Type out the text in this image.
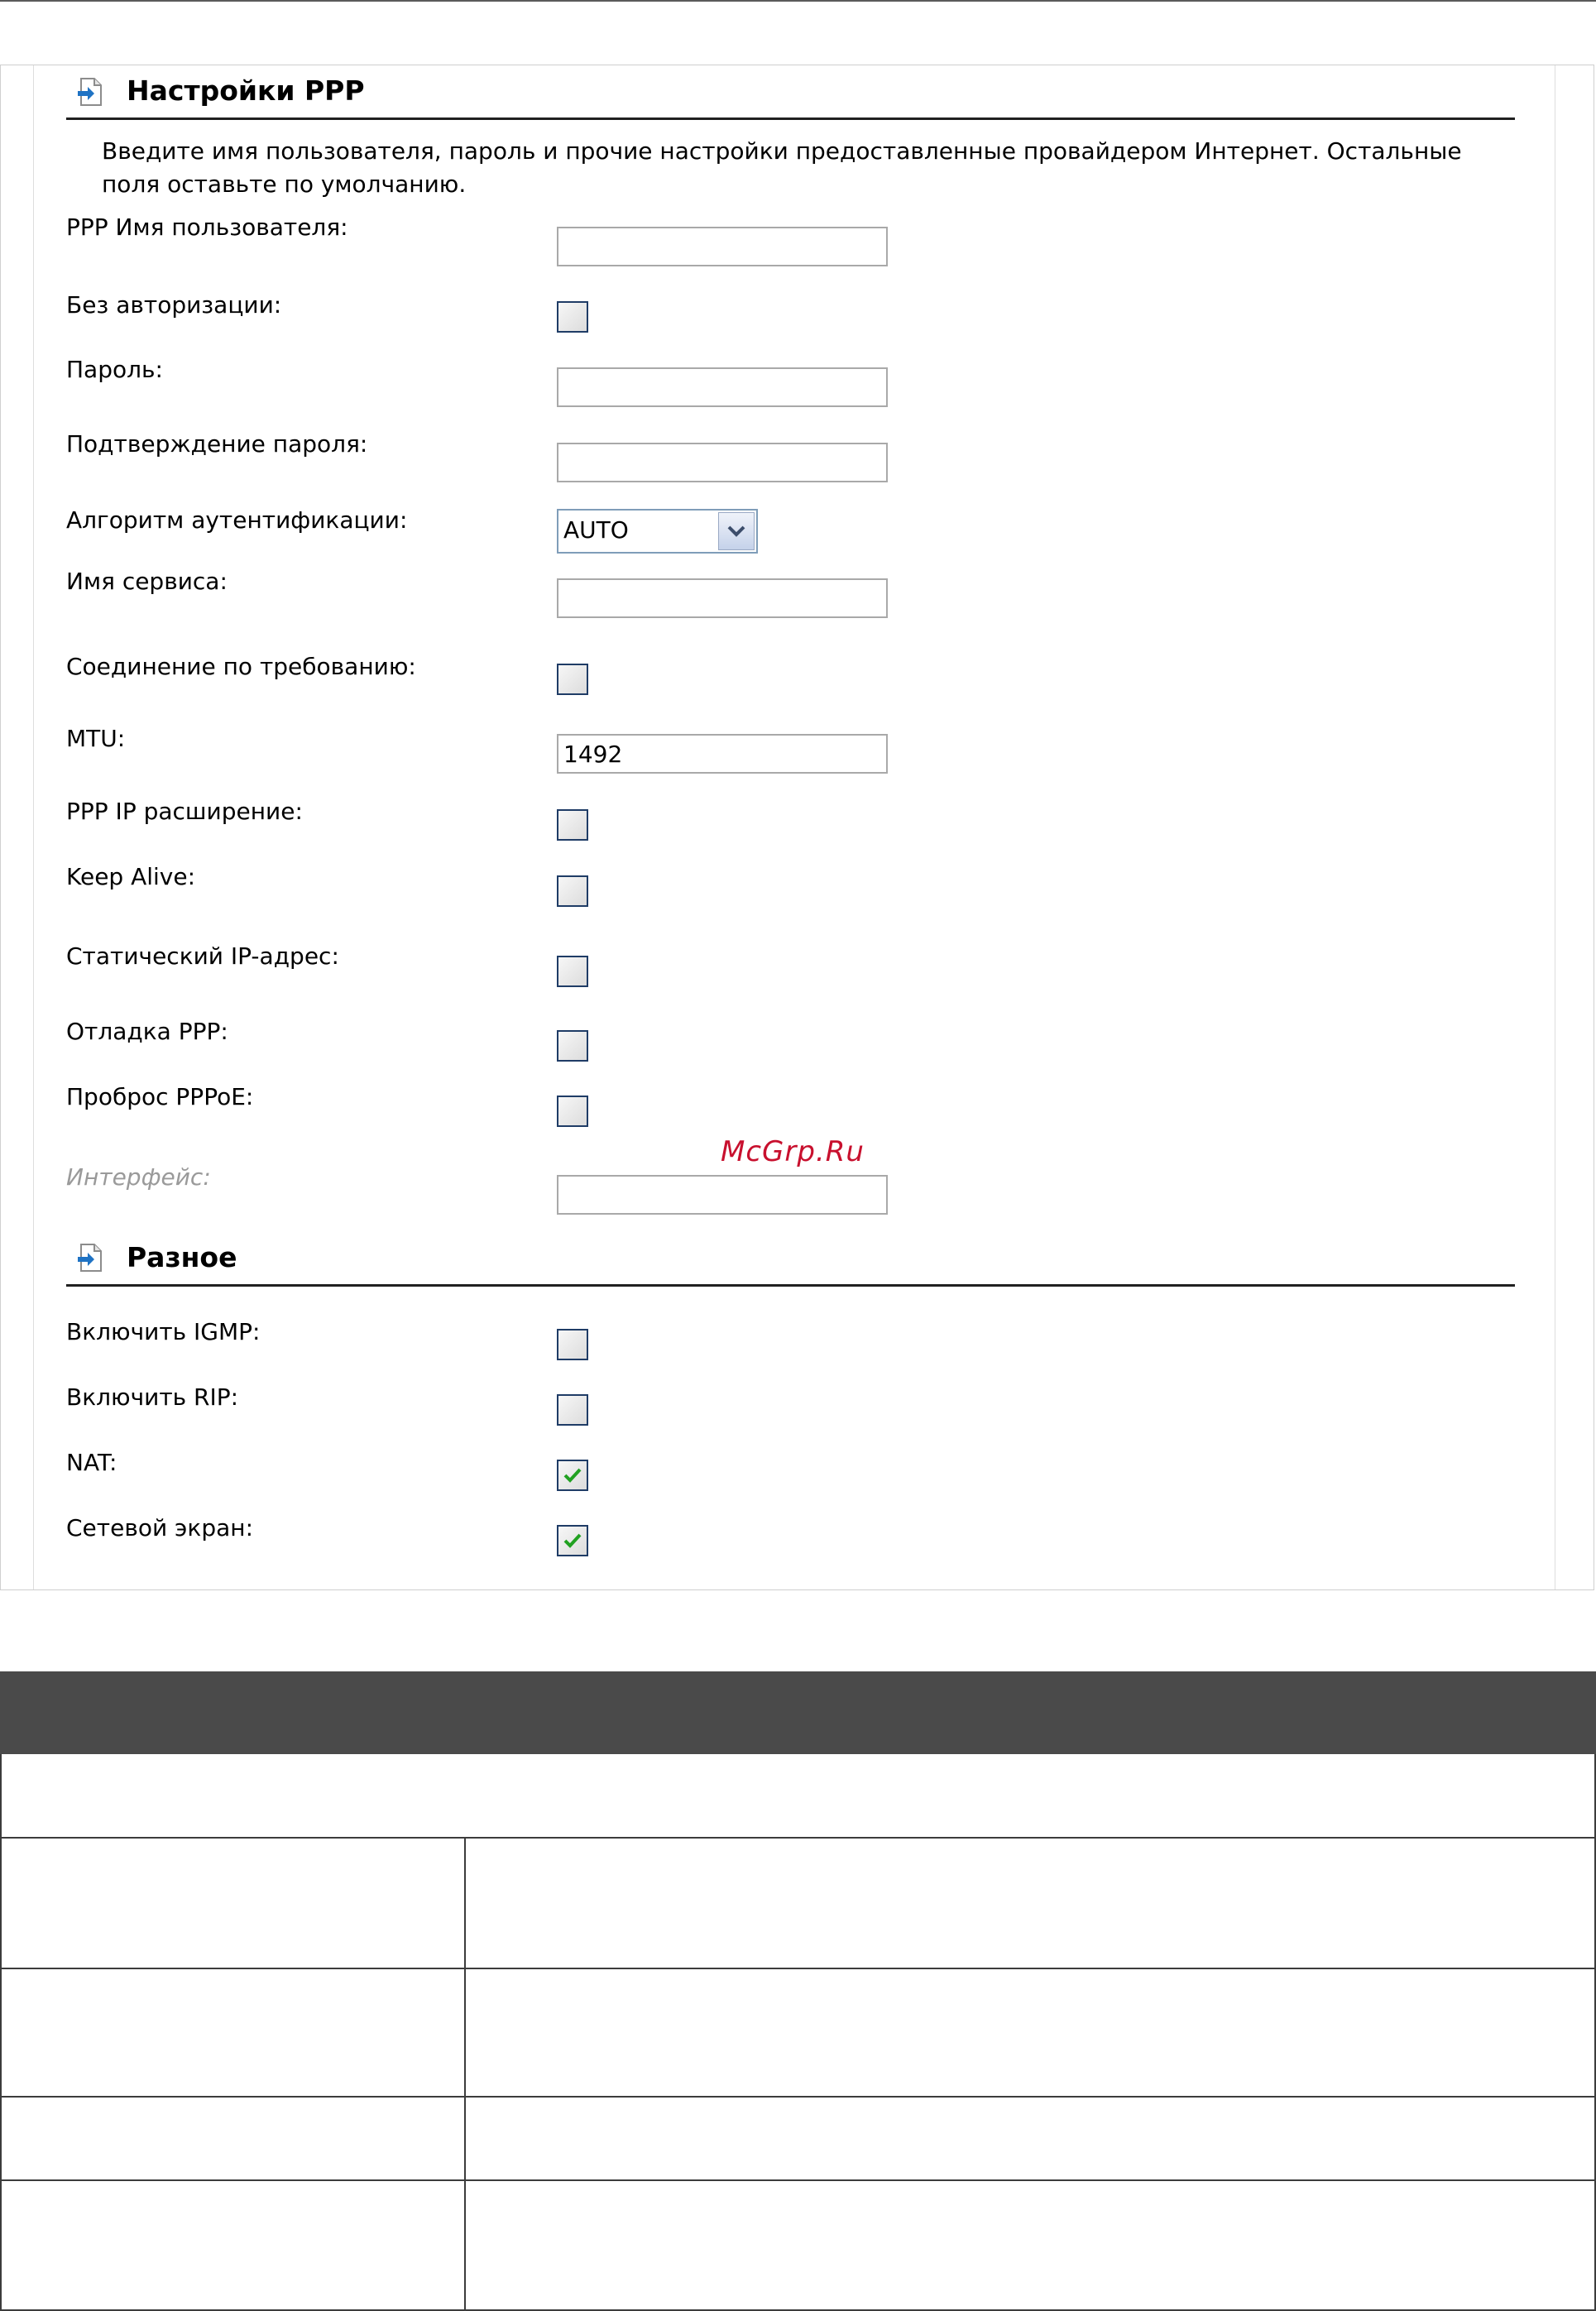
Настройки PPP
Введите имя пользователя, пароль и прочие настройки предоставленные провайдером Интернет. Остальные поля оставьте по умолчанию.
PPP Имя пользователя:
Без авторизации:
Пароль:
Подтверждение пароля:
Алгоритм аутентификации:	AUTO
Имя сервиса:
Соединение по требованию:
MTU:
1492
PPP IP расширение:
Keep Alive:
Статический IP-адрес:
Отладка PPP:
Проброс PPPoE:
Интерфейс:
McGrp.Ru
Разное
Включить IGMP:
Включить RIP:
NAT:
Сетевой экран:
